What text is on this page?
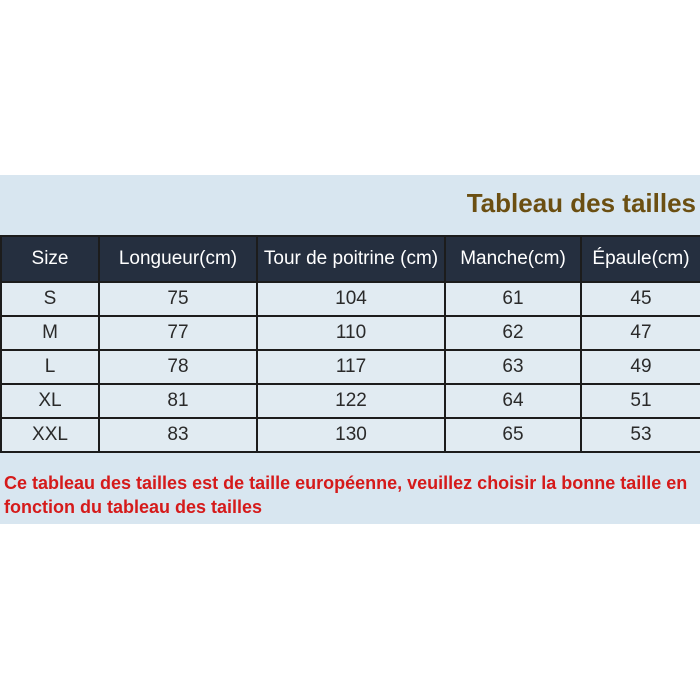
Tableau des tailles
Size	Longueur(cm)	Tour de poitrine (cm)	Manche(cm)	Épaule(cm)
S	75	104	61	45
M	77	110	62	47
L	78	117	63	49
XL	81	122	64	51
XXL	83	130	65	53
Ce tableau des tailles est de taille européenne, veuillez choisir la bonne taille en fonction du tableau des tailles
